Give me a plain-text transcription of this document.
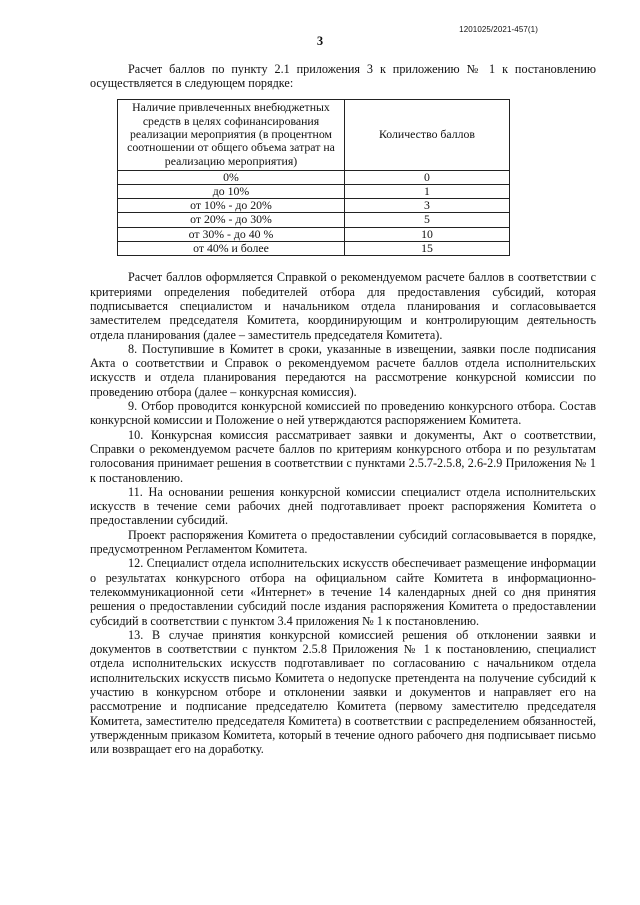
1201025/2021-457(1)
3

Расчет баллов по пункту 2.1 приложения 3 к приложению № 1 к постановлению осуществляется в следующем порядке:

Наличие привлеченных внебюджетных средств в целях софинансирования реализации мероприятия (в процентном соотношении от общего объема затрат на реализацию мероприятия)	Количество баллов
0%	0
до 10%	1
от 10% - до 20%	3
от 20% - до 30%	5
от 30% - до 40 %	10
от 40% и более	15

Расчет баллов оформляется Справкой о рекомендуемом расчете баллов в соответствии с критериями определения победителей отбора для предоставления субсидий, которая подписывается специалистом и начальником отдела планирования и согласовывается заместителем председателя Комитета, координирующим и контролирующим деятельность отдела планирования (далее – заместитель председателя Комитета).

8. Поступившие в Комитет в сроки, указанные в извещении, заявки после подписания Акта о соответствии и Справок о рекомендуемом расчете баллов отдела исполнительских искусств и отдела планирования передаются на рассмотрение конкурсной комиссии по проведению отбора (далее – конкурсная комиссия).

9. Отбор проводится конкурсной комиссией по проведению конкурсного отбора. Состав конкурсной комиссии и Положение о ней утверждаются распоряжением Комитета.

10. Конкурсная комиссия рассматривает заявки и документы, Акт о соответствии, Справки о рекомендуемом расчете баллов по критериям конкурсного отбора и по результатам голосования принимает решения в соответствии с пунктами 2.5.7-2.5.8, 2.6-2.9 Приложения № 1 к постановлению.

11. На основании решения конкурсной комиссии специалист отдела исполнительских искусств в течение семи рабочих дней подготавливает проект распоряжения Комитета о предоставлении субсидий.

Проект распоряжения Комитета о предоставлении субсидий согласовывается в порядке, предусмотренном Регламентом Комитета.

12. Специалист отдела исполнительских искусств обеспечивает размещение информации о результатах конкурсного отбора на официальном сайте Комитета в информационно-телекоммуникационной сети «Интернет» в течение 14 календарных дней со дня принятия решения о предоставлении субсидий после издания распоряжения Комитета о предоставлении субсидий в соответствии с пунктом 3.4 приложения № 1 к постановлению.

13. В случае принятия конкурсной комиссией решения об отклонении заявки и документов в соответствии с пунктом 2.5.8 Приложения № 1 к постановлению, специалист отдела исполнительских искусств подготавливает по согласованию с начальником отдела исполнительских искусств письмо Комитета о недопуске претендента на получение субсидий к участию в конкурсном отборе и отклонении заявки и документов и направляет его на рассмотрение и подписание председателю Комитета (первому заместителю председателя Комитета, заместителю председателя Комитета) в соответствии с распределением обязанностей, утвержденным приказом Комитета, который в течение одного рабочего дня подписывает письмо или возвращает его на доработку.
